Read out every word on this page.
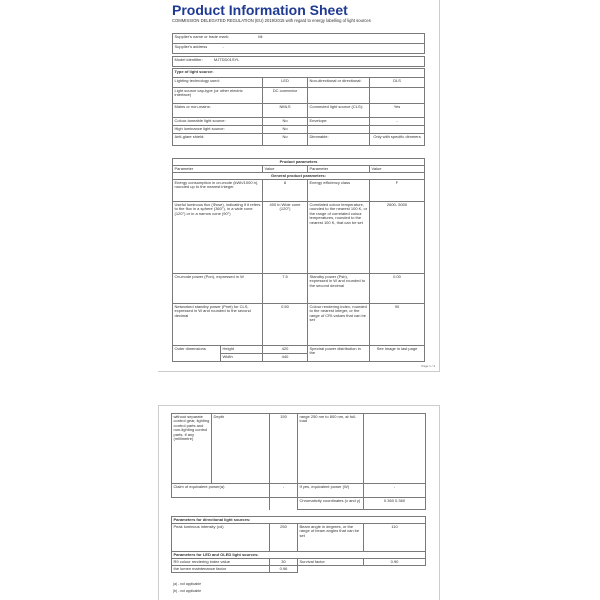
Product Information Sheet
COMMISSION DELEGATED REGULATION (EU) 2019/2015 with regard to energy labelling of light sources
Supplier's name or trade mark:	Mi
Supplier's address	-

Model identifier:	MJTDD01SYL
Type of light source:			
Lighting technology used:	LED	Non-directional or directional:	DLS
Light source cap-type (or other electric interface)	DC connector		
Mains or non-mains:	NMLS	Connected light source (CLS):	Yes
Colour-tuneable light source:	No	Envelope:	-
High luminance light source:	No		
Anti-glare shield:	No	Dimmable:	Only with specific dimmers
Product parameters				
Parameter		Value	Parameter	Value
General product parameters:				
Energy consumption in on-mode (kWh/1000 h), rounded up to the nearest integer		8	Energy efficiency class	F
Useful luminous flux (Φuse), indicating if it refers to the flux in a sphere (360°), in a wide cone (120°) or in a narrow cone (90°)		400 in Wide cone (120°)	Correlated colour temperature, rounded to the nearest 100 K, or the range of correlated colour temperatures, rounded to the nearest 100 K, that can be set	2600- 5000
On-mode power (Pon), expressed in W		7.5	Standby power (Psb), expressed in W and rounded to the second decimal	0.00
Networked standby power (Pnet) for CLS, expressed in W and rounded to the second decimal		0.50	Colour rendering index, rounded to the nearest integer, or the range of CRI-values that can be set	90
Outer dimensions	Height	420	Spectral power distribution in the	See image in last page
	Width	440		
Page 1 / 3
without separate control gear, lighting control parts and non-lighting control parts, if any (millimetre)	Depth	150	range 250 nm to 800 nm, at full-load	
Claim of equivalent power(a)		-	If yes, equivalent power (W)	-
			Chromaticity coordinates (x and y)	0.360 0.360
Parameters for directional light sources:			
Peak luminous intensity (cd)	250	Beam angle in degrees, or the range of beam angles that can be set	110
Parameters for LED and OLED light sources:			
R9 colour rendering index value	30	Survival factor	0.90
the lumen maintenance factor	0.96		
(a) - not applicable
(b) - not applicable
